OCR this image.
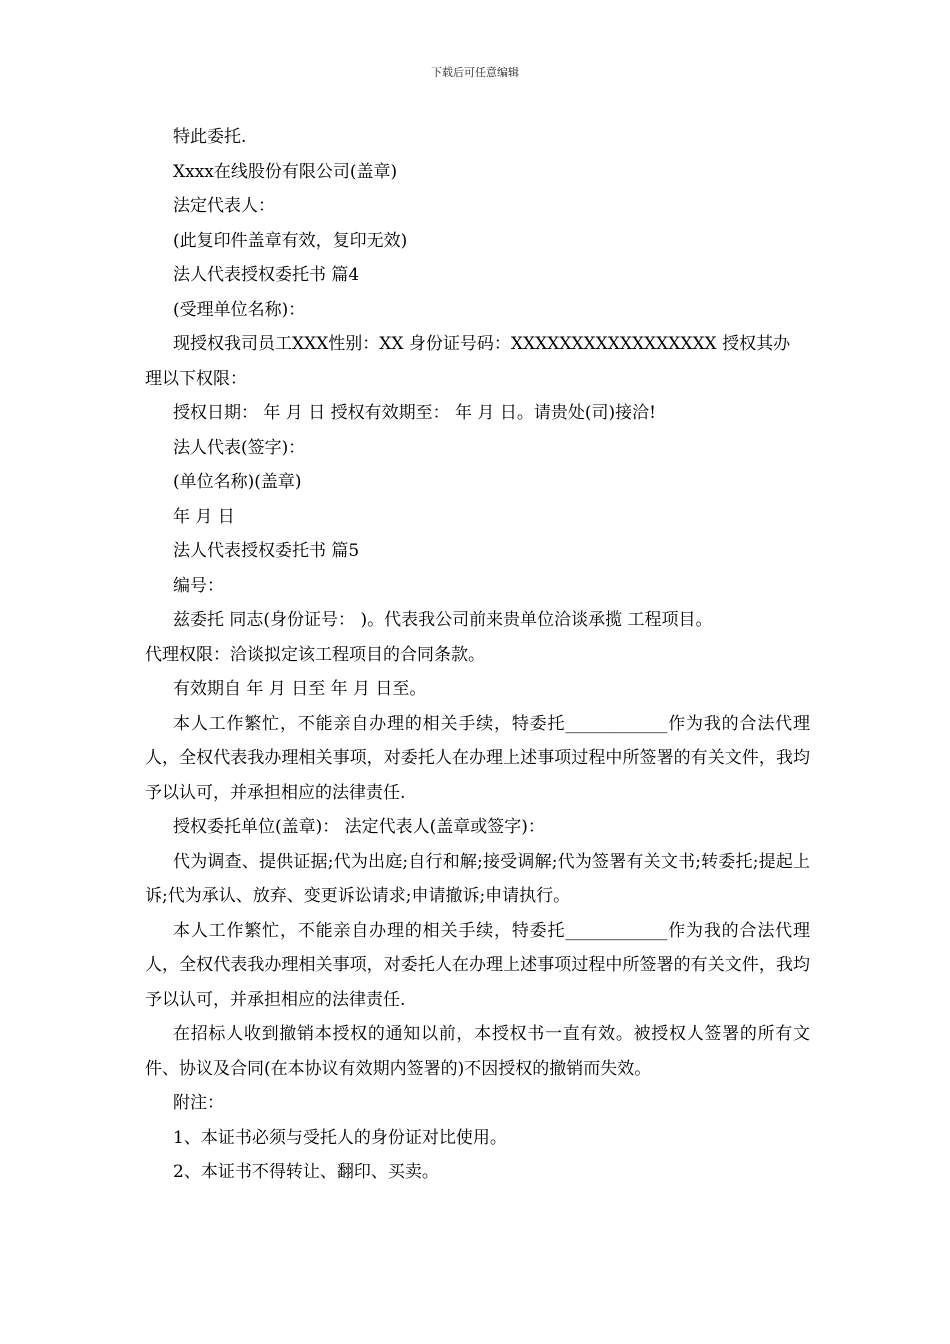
下载后可任意编辑
特此委托.
Xxxx在线股份有限公司(盖章)
法定代表人：
(此复印件盖章有效，复印无效)
法人代表授权委托书 篇4
(受理单位名称)：
现授权我司员工XXX性别：XX 身份证号码：XXXXXXXXXXXXXXXXX 授权其办
理以下权限：
授权日期： 年 月 日 授权有效期至： 年 月 日。请贵处(司)接洽!
法人代表(签字)：
(单位名称)(盖章)
年 月 日
法人代表授权委托书 篇5
编号：
兹委托 同志(身份证号： )。代表我公司前来贵单位洽谈承揽 工程项目。
代理权限：洽谈拟定该工程项目的合同条款。
有效期自 年 月 日至 年 月 日至。
本人工作繁忙，不能亲自办理的相关手续，特委托____________作为我的合法代理人，全权代表我办理相关事项，对委托人在办理上述事项过程中所签署的有关文件，我均予以认可，并承担相应的法律责任.
授权委托单位(盖章)： 法定代表人(盖章或签字)：
代为调查、提供证据;代为出庭;自行和解;接受调解;代为签署有关文书;转委托;提起上诉;代为承认、放弃、变更诉讼请求;申请撤诉;申请执行。
本人工作繁忙，不能亲自办理的相关手续，特委托____________作为我的合法代理人，全权代表我办理相关事项，对委托人在办理上述事项过程中所签署的有关文件，我均予以认可，并承担相应的法律责任.
在招标人收到撤销本授权的通知以前，本授权书一直有效。被授权人签署的所有文件、协议及合同(在本协议有效期内签署的)不因授权的撤销而失效。
附注：
1、本证书必须与受托人的身份证对比使用。
2、本证书不得转让、翻印、买卖。
